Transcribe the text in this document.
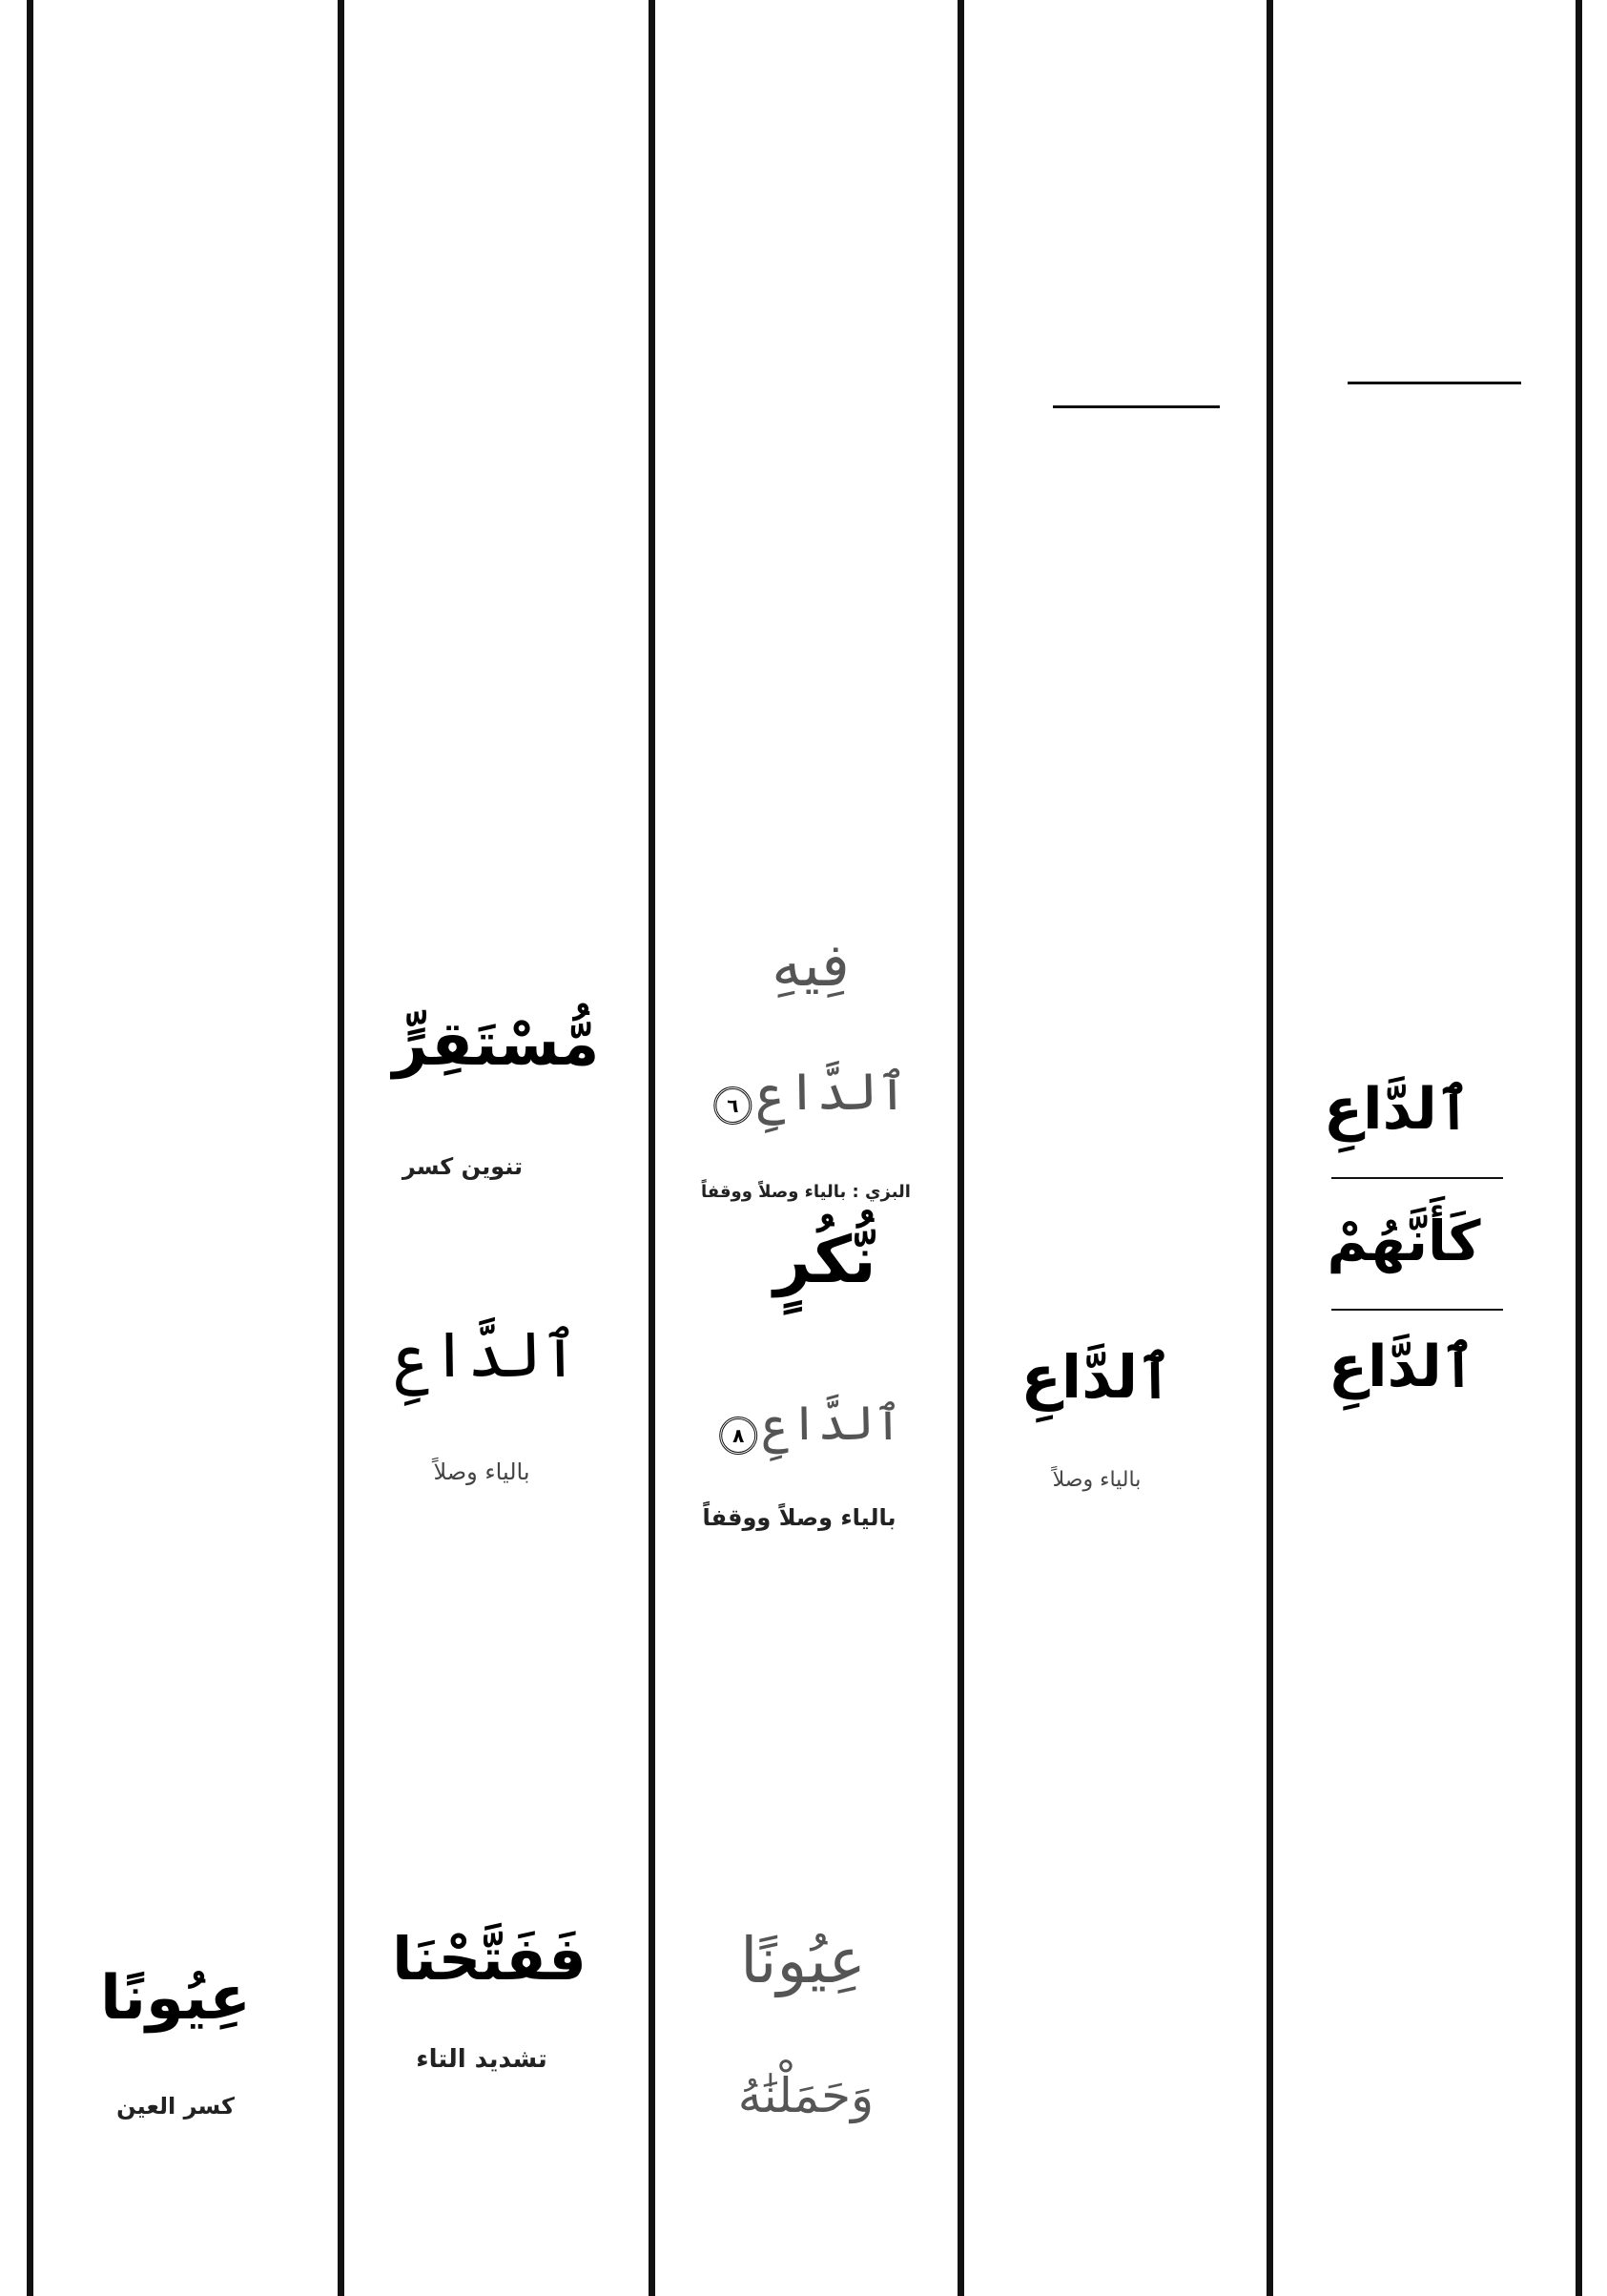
ٱلدَّاعِ
كَأَنَّهُمْ
ٱلدَّاعِ
ٱلدَّاعِ
بالياء وصلاً
فِيهِ
ٱلدَّاعِ ٦
البزي : بالياء وصلاً ووقفاً
نُّكُرٍ
ٱلدَّاعِ ٨
بالياء وصلاً ووقفاً
عِيُونًا
وَحَمَلْنَٰهُ
مُّسْتَقِرٍّ
تنوين كسر
ٱلدَّاعِ
بالياء وصلاً
فَفَتَّحْنَا
تشديد التاء
عِيُونًا
كسر العين
